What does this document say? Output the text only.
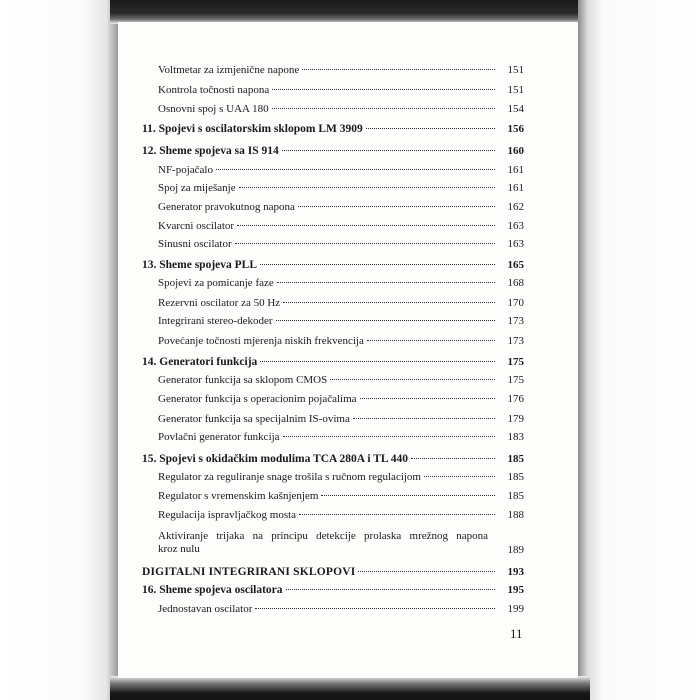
Voltmetar za izmjenične napone	151
Kontrola točnosti napona	151
Osnovni spoj s UAA 180	154
11. Spojevi s oscilatorskim sklopom LM 3909	156
12. Sheme spojeva sa IS 914	160
NF-pojačalo	161
Spoj za miješanje	161
Generator pravokutnog napona	162
Kvarcni oscilator	163
Sinusni oscilator	163
13. Sheme spojeva PLL	165
Spojevi za pomicanje faze	168
Rezervni oscilator za 50 Hz	170
Integrirani stereo-dekoder	173
Povećanje točnosti mjerenja niskih frekvencija	173
14. Generatori funkcija	175
Generator funkcija sa sklopom CMOS	175
Generator funkcija s operacionim pojačalima	176
Generator funkcija sa specijalnim IS-ovima	179
Povlačni generator funkcija	183
15. Spojevi s okidačkim modulima TCA 280A i TL 440	185
Regulator za reguliranje snage trošila s ručnom regulacijom	185
Regulator s vremenskim kašnjenjem	185
Regulacija ispravljačkog mosta	188
Aktiviranje trijaka na principu detekcije prolaska mrežnog napona
kroz nulu	189
DIGITALNI INTEGRIRANI SKLOPOVI	193
16. Sheme spojeva oscilatora	195
Jednostavan oscilator	199
11
